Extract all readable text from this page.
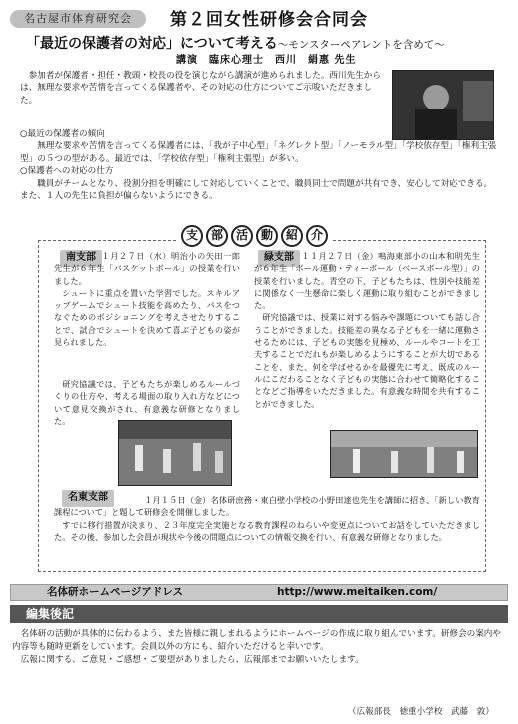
名古屋市体育研究会 第２回女性研修会合同会
「最近の保護者の対応」について考える〜モンスターペアレントを含めて〜
講演　臨床心理士　西川　絹惠 先生

参加者が保護者・担任・教頭・校長の役を演じながら講演が進められました。西川先生からは、無理な要求や苦情を言ってくる保護者や、その対応の仕方についてご示唆いただきました。

○最近の保護者の傾向

無理な要求や苦情を言ってくる保護者には、「我が子中心型」「ネグレクト型」「ノーモラル型」「学校依存型」「権利主張型」の５つの型がある。最近では、「学校依存型」「権利主張型」が多い。

○保護者への対応の仕方

職員がチームとなり、役割分担を明確にして対応していくことで、職員同士で問題が共有でき、安心して対応できる。また、１人の先生に負担が偏らないようにできる。

支	部	活	動	紹	介
南支部 １月２７日（水）明治小の矢田一郎先生が６年生「バスケットボール」の授業を行いました。

シュートに重点を置いた学習でした。スキルアップゲームでシュート技能を高めたり、パスをつなぐためのポジショニングを考えさせたりすることで、試合でシュートを決めて喜ぶ子どもの姿が見られました。

研究協議では、子どもたちが楽しめるルールづくりの仕方や、考える場面の取り入れ方などについて意見交換がされ、有意義な研修となりました。

緑支部 １１月２７日（金）鳴海東部小の山本和明先生が６年生「ボール運動・ティーボール（ベースボール型）」の授業を行いました。青空の下、子どもたちは、性別や技能差に関係なく一生懸命に楽しく運動に取り組むことができました。

研究協議では、授業に対する悩みや課題についても話し合うことができました。技能差の異なる子どもを一緒に運動させるためには、子どもの実態を見極め、ルールやコートを工夫することでだれもが楽しめるようにすることが大切であることを、また、何を学ばせるかを最優先に考え、既成のルールにこだわることなく子どもの実態に合わせて簡略化することなどご指導をいただきました。有意義な時間を共有することができました。

名東支部	１月１５日（金）名体研庶務・東白壁小学校の小野田達也先生を講師に招き、「新しい教育課程について」と題して研修会を開催しました。

すでに移行措置が決まり、２３年度完全実施となる教育課程のねらいや変更点についてお話をしていただきました。その後、参加した会員が現状や今後の問題点についての情報交換を行い、有意義な研修となりました。

名体研ホームページアドレス	http://www.meitaiken.com/
編集後記

名体研の活動が具体的に伝わるよう、また皆様に親しまれるようにホームページの作成に取り組んでいます。研修会の案内や内容等も随時更新をしています。会員以外の方にも、紹介いただけると幸いです。

広報に関する、ご意見・ご感想・ご要望がありましたら、広報部までお願いいたします。

（広報部長　徳重小学校　武藤　敦）
